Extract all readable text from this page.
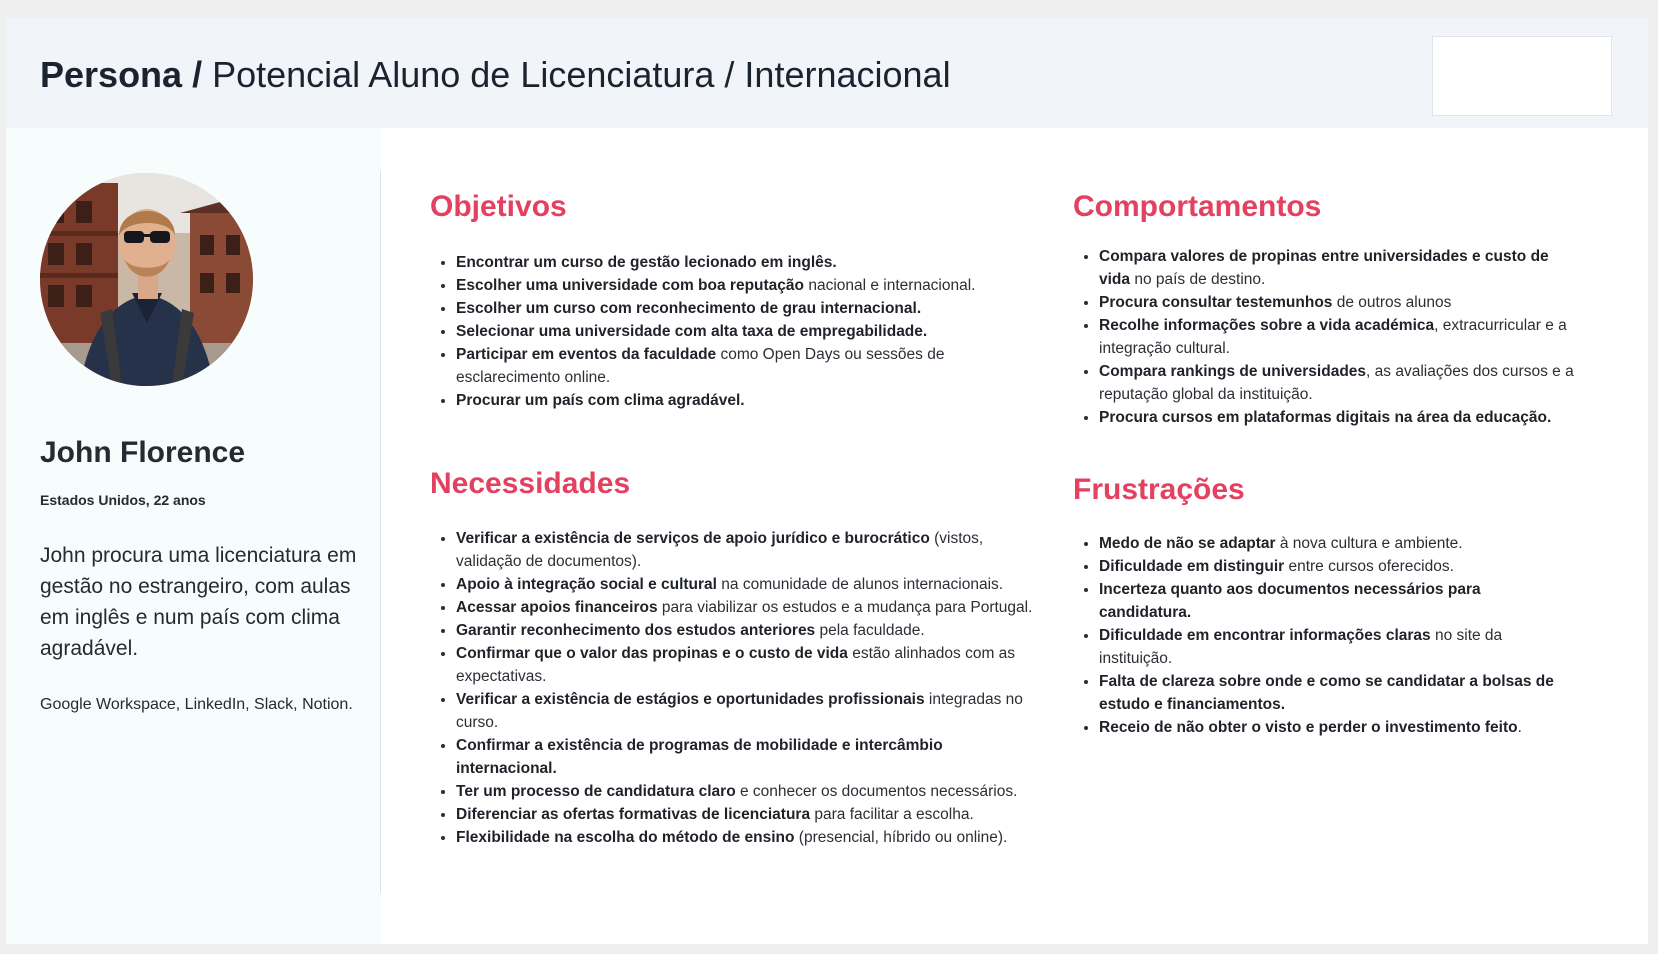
Persona / Potencial Aluno de Licenciatura / Internacional
John Florence
Estados Unidos, 22 anos

John procura uma licenciatura em gestão no estrangeiro, com aulas em inglês e num país com clima agradável.

Google Workspace, LinkedIn, Slack, Notion.
Objetivos
• Encontrar um curso de gestão lecionado em inglês.
• Escolher uma universidade com boa reputação nacional e internacional.
• Escolher um curso com reconhecimento de grau internacional.
• Selecionar uma universidade com alta taxa de empregabilidade.
• Participar em eventos da faculdade como Open Days ou sessões de esclarecimento online.
• Procurar um país com clima agradável.
Necessidades
• Verificar a existência de serviços de apoio jurídico e burocrático (vistos, validação de documentos).
• Apoio à integração social e cultural na comunidade de alunos internacionais.
• Acessar apoios financeiros para viabilizar os estudos e a mudança para Portugal.
• Garantir reconhecimento dos estudos anteriores pela faculdade.
• Confirmar que o valor das propinas e o custo de vida estão alinhados com as expectativas.
• Verificar a existência de estágios e oportunidades profissionais integradas no curso.
• Confirmar a existência de programas de mobilidade e intercâmbio internacional.
• Ter um processo de candidatura claro e conhecer os documentos necessários.
• Diferenciar as ofertas formativas de licenciatura para facilitar a escolha.
• Flexibilidade na escolha do método de ensino (presencial, híbrido ou online).
Comportamentos
• Compara valores de propinas entre universidades e custo de vida no país de destino.
• Procura consultar testemunhos de outros alunos
• Recolhe informações sobre a vida académica, extracurricular e a integração cultural.
• Compara rankings de universidades, as avaliações dos cursos e a reputação global da instituição.
• Procura cursos em plataformas digitais na área da educação.
Frustrações
• Medo de não se adaptar à nova cultura e ambiente.
• Dificuldade em distinguir entre cursos oferecidos.
• Incerteza quanto aos documentos necessários para candidatura.
• Dificuldade em encontrar informações claras no site da instituição.
• Falta de clareza sobre onde e como se candidatar a bolsas de estudo e financiamentos.
• Receio de não obter o visto e perder o investimento feito.
